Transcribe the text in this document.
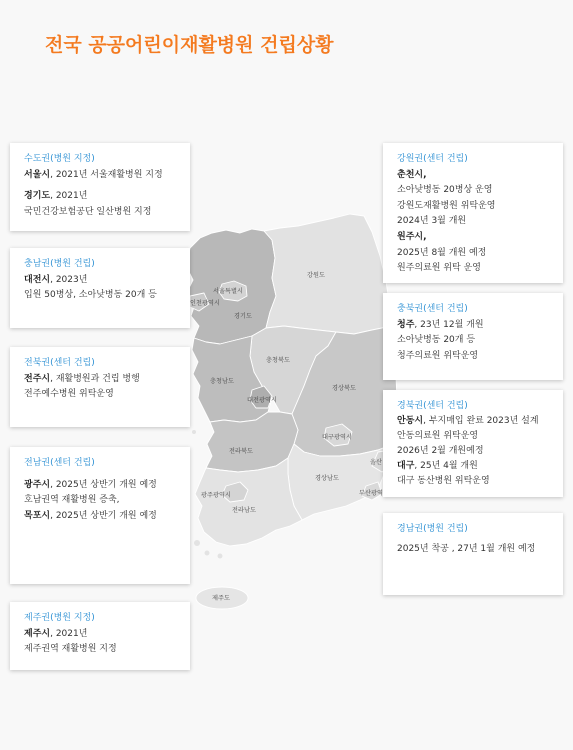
서울특별시
인천광역시
경기도
강원도
충청북도
충청남도
대전광역시
경상북도
대구광역시
전라북도
경상남도
울산
부산광역
광주광역시
전라남도
제주도
전국 공공어린이재활병원 건립상황
수도권(병원 지정)
서울시, 2021년 서울재활병원 지정
경기도, 2021년
국민건강보험공단 일산병원 지정
충남권(병원 건립)
대전시, 2023년
입원 50병상, 소아낮병동 20개 등
전북권(센터 건립)
전주시, 재활병원과 건립 병행
전주예수병원 위탁운영
전남권(센터 건립)
광주시, 2025년 상반기 개원 예정
호남권역 재활병원 증축,
목포시, 2025년 상반기 개원 예정
제주권(병원 지정)
제주시, 2021년
제주권역 재활병원 지정
강원권(센터 건립)
춘천시,
소아낮병동 20병상 운영
강원도재활병원 위탁운영
2024년 3월 개원
원주시,
2025년 8월 개원 예정
원주의료원 위탁 운영
충북권(센터 건립)
청주, 23년 12월 개원
소아낮병동 20개 등
청주의료원 위탁운영
경북권(센터 건립)
안동시, 부지매입 완료 2023년 설계
안동의료원 위탁운영
2026년 2월 개원예정
대구, 25년 4월 개원
대구 동산병원 위탁운영
경남권(병원 건립)
2025년 착공 , 27년 1월 개원 예정
